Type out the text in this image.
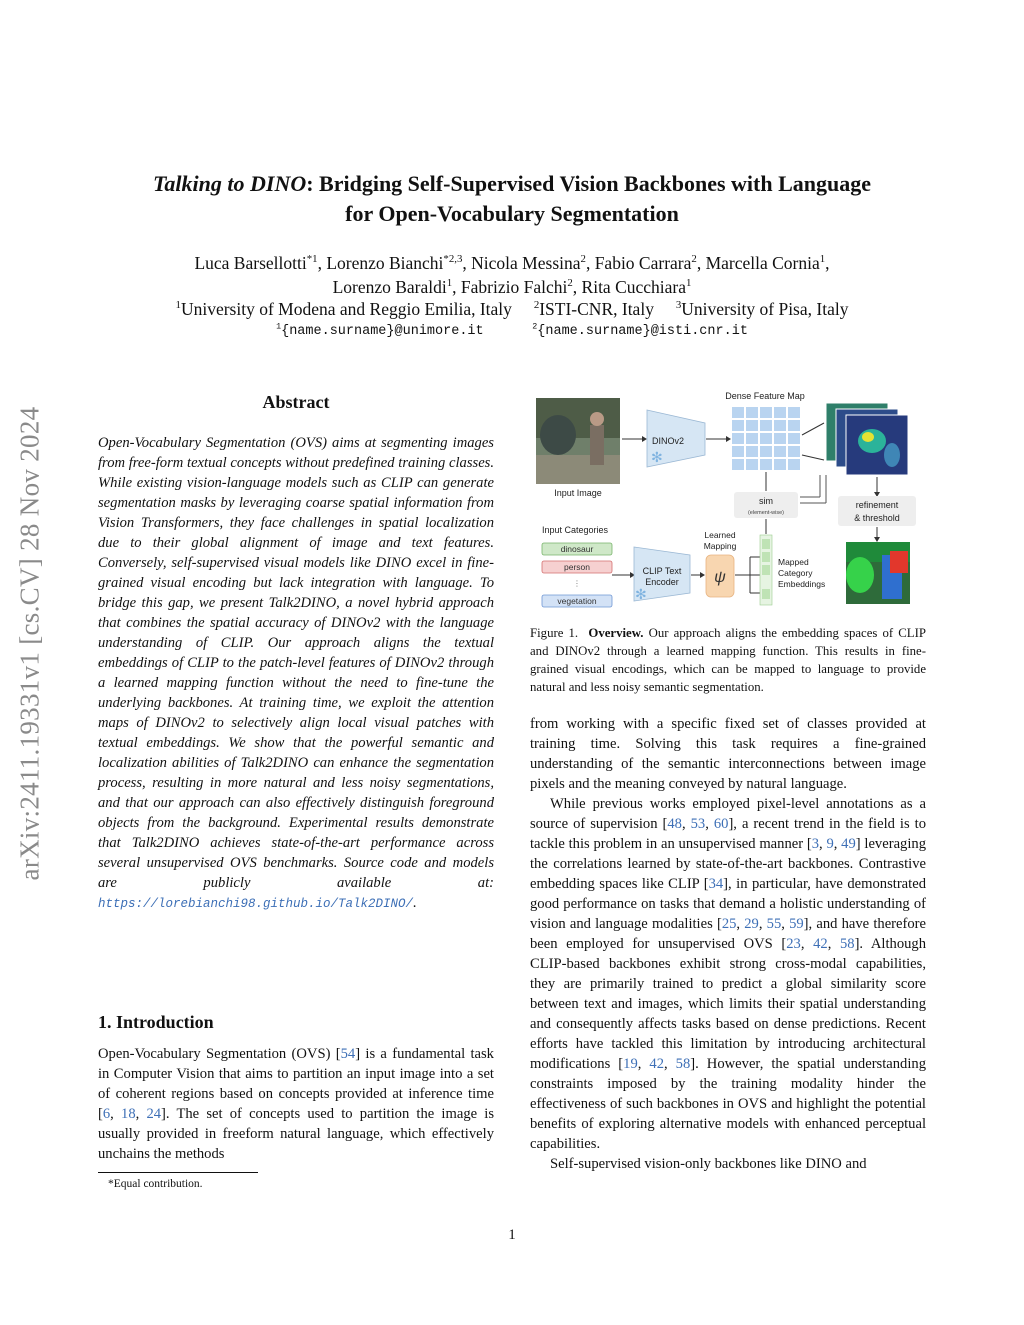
arXiv:2411.19331v1 [cs.CV] 28 Nov 2024
Talking to DINO: Bridging Self-Supervised Vision Backbones with Language
for Open-Vocabulary Segmentation
Luca Barsellotti$^{*1}$, Lorenzo Bianchi$^{*2,3}$, Nicola Messina$^2$, Fabio Carrara$^2$, Marcella Cornia$^1$,
Lorenzo Baraldi$^1$, Fabrizio Falchi$^2$, Rita Cucchiara$^1$
$^1$University of Modena and Reggio Emilia, Italy $^2$ISTI-CNR, Italy $^3$University of Pisa, Italy
$^1${name.surname}@unimore.it	$^2${name.surname}@isti.cnr.it
Abstract
Open-Vocabulary Segmentation (OVS) aims at segmenting images from free-form textual concepts without predefined training classes. While existing vision-language models such as CLIP can generate segmentation masks by leveraging coarse spatial information from Vision Transformers, they face challenges in spatial localization due to their global alignment of image and text features. Conversely, self-supervised visual models like DINO excel in fine-grained visual encoding but lack integration with language. To bridge this gap, we present Talk2DINO, a novel hybrid approach that combines the spatial accuracy of DINOv2 with the language understanding of CLIP. Our approach aligns the textual embeddings of CLIP to the patch-level features of DINOv2 through a learned mapping function without the need to fine-tune the underlying backbones. At training time, we exploit the attention maps of DINOv2 to selectively align local visual patches with textual embeddings. We show that the powerful semantic and localization abilities of Talk2DINO can enhance the segmentation process, resulting in more natural and less noisy segmentations, and that our approach can also effectively distinguish foreground objects from the background. Experimental results demonstrate that Talk2DINO achieves state-of-the-art performance across several unsupervised OVS benchmarks. Source code and models are publicly available at: https://lorebianchi98.github.io/Talk2DINO/.
1. Introduction
Open-Vocabulary Segmentation (OVS) [54] is a fundamental task in Computer Vision that aims to partition an input image into a set of coherent regions based on concepts provided at inference time [6, 18, 24]. The set of concepts used to partition the image is usually provided in freeform natural language, which effectively unchains the methods
*Equal contribution.
1
Input Image
DINOv2
✻
Dense Feature Map
sim
(element-wise)
refinement
& threshold
Input Categories
dinosaur
person
⋮
vegetation
CLIP Text
Encoder
✻
Learned
Mapping
ψ
Mapped
Category
Embeddings
Figure 1. Overview. Our approach aligns the embedding spaces of CLIP and DINOv2 through a learned mapping function. This results in fine-grained visual encodings, which can be mapped to language to provide natural and less noisy semantic segmentation.

from working with a specific fixed set of classes provided at training time. Solving this task requires a fine-grained understanding of the semantic interconnections between image pixels and the meaning conveyed by natural language.

While previous works employed pixel-level annotations as a source of supervision [48, 53, 60], a recent trend in the field is to tackle this problem in an unsupervised manner [3, 9, 49] leveraging the correlations learned by state-of-the-art backbones. Contrastive embedding spaces like CLIP [34], in particular, have demonstrated good performance on tasks that demand a holistic understanding of vision and language modalities [25, 29, 55, 59], and have therefore been employed for unsupervised OVS [23, 42, 58]. Although CLIP-based backbones exhibit strong cross-modal capabilities, they are primarily trained to predict a global similarity score between text and images, which limits their spatial understanding and consequently affects tasks based on dense predictions. Recent efforts have tackled this limitation by introducing architectural modifications [19, 42, 58]. However, the spatial understanding constraints imposed by the training modality hinder the effectiveness of such backbones in OVS and highlight the potential benefits of exploring alternative models with enhanced perceptual capabilities.

Self-supervised vision-only backbones like DINO and
